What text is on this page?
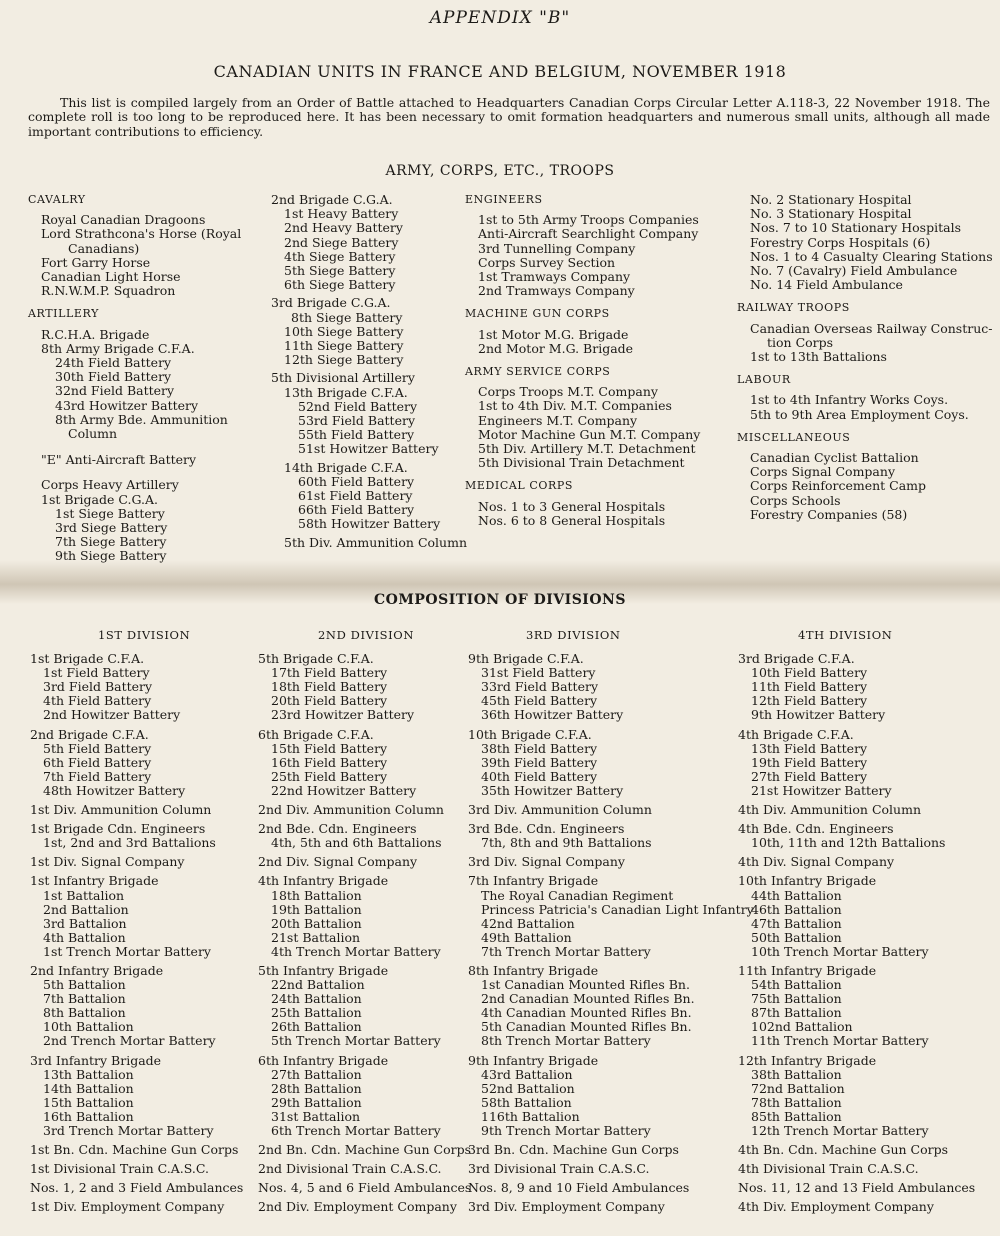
APPENDIX "B"
CANADIAN UNITS IN FRANCE AND BELGIUM, NOVEMBER 1918
This list is compiled largely from an Order of Battle attached to Headquarters Canadian Corps Circular Letter A.118-3, 22 November 1918. The complete roll is too long to be reproduced here. It has been necessary to omit formation headquarters and numerous small units, although all made important contributions to efficiency.
ARMY, CORPS, ETC., TROOPS
CAVALRY
Royal Canadian Dragoons
Lord Strathcona's Horse (Royal
Canadians)
Fort Garry Horse
Canadian Light Horse
R.N.W.M.P. Squadron
ARTILLERY
R.C.H.A. Brigade
8th Army Brigade C.F.A.
24th Field Battery
30th Field Battery
32nd Field Battery
43rd Howitzer Battery
8th Army Bde. Ammunition
Column
"E" Anti-Aircraft Battery
Corps Heavy Artillery
1st Brigade C.G.A.
1st Siege Battery
3rd Siege Battery
7th Siege Battery
9th Siege Battery
2nd Brigade C.G.A.
1st Heavy Battery
2nd Heavy Battery
2nd Siege Battery
4th Siege Battery
5th Siege Battery
6th Siege Battery
3rd Brigade C.G.A.
8th Siege Battery
10th Siege Battery
11th Siege Battery
12th Siege Battery
5th Divisional Artillery
13th Brigade C.F.A.
52nd Field Battery
53rd Field Battery
55th Field Battery
51st Howitzer Battery
14th Brigade C.F.A.
60th Field Battery
61st Field Battery
66th Field Battery
58th Howitzer Battery
5th Div. Ammunition Column
ENGINEERS
1st to 5th Army Troops Companies
Anti-Aircraft Searchlight Company
3rd Tunnelling Company
Corps Survey Section
1st Tramways Company
2nd Tramways Company
MACHINE GUN CORPS
1st Motor M.G. Brigade
2nd Motor M.G. Brigade
ARMY SERVICE CORPS
Corps Troops M.T. Company
1st to 4th Div. M.T. Companies
Engineers M.T. Company
Motor Machine Gun M.T. Company
5th Div. Artillery M.T. Detachment
5th Divisional Train Detachment
MEDICAL CORPS
Nos. 1 to 3 General Hospitals
Nos. 6 to 8 General Hospitals
No. 2 Stationary Hospital
No. 3 Stationary Hospital
Nos. 7 to 10 Stationary Hospitals
Forestry Corps Hospitals (6)
Nos. 1 to 4 Casualty Clearing Stations
No. 7 (Cavalry) Field Ambulance
No. 14 Field Ambulance
RAILWAY TROOPS
Canadian Overseas Railway Construc-
tion Corps
1st to 13th Battalions
LABOUR
1st to 4th Infantry Works Coys.
5th to 9th Area Employment Coys.
MISCELLANEOUS
Canadian Cyclist Battalion
Corps Signal Company
Corps Reinforcement Camp
Corps Schools
Forestry Companies (58)
COMPOSITION OF DIVISIONS
1ST DIVISION
1st Brigade C.F.A.
1st Field Battery
3rd Field Battery
4th Field Battery
2nd Howitzer Battery
2nd Brigade C.F.A.
5th Field Battery
6th Field Battery
7th Field Battery
48th Howitzer Battery
1st Div. Ammunition Column
1st Brigade Cdn. Engineers
1st, 2nd and 3rd Battalions
1st Div. Signal Company
1st Infantry Brigade
1st Battalion
2nd Battalion
3rd Battalion
4th Battalion
1st Trench Mortar Battery
2nd Infantry Brigade
5th Battalion
7th Battalion
8th Battalion
10th Battalion
2nd Trench Mortar Battery
3rd Infantry Brigade
13th Battalion
14th Battalion
15th Battalion
16th Battalion
3rd Trench Mortar Battery
1st Bn. Cdn. Machine Gun Corps
1st Divisional Train C.A.S.C.
Nos. 1, 2 and 3 Field Ambulances
1st Div. Employment Company
2ND DIVISION
5th Brigade C.F.A.
17th Field Battery
18th Field Battery
20th Field Battery
23rd Howitzer Battery
6th Brigade C.F.A.
15th Field Battery
16th Field Battery
25th Field Battery
22nd Howitzer Battery
2nd Div. Ammunition Column
2nd Bde. Cdn. Engineers
4th, 5th and 6th Battalions
2nd Div. Signal Company
4th Infantry Brigade
18th Battalion
19th Battalion
20th Battalion
21st Battalion
4th Trench Mortar Battery
5th Infantry Brigade
22nd Battalion
24th Battalion
25th Battalion
26th Battalion
5th Trench Mortar Battery
6th Infantry Brigade
27th Battalion
28th Battalion
29th Battalion
31st Battalion
6th Trench Mortar Battery
2nd Bn. Cdn. Machine Gun Corps
2nd Divisional Train C.A.S.C.
Nos. 4, 5 and 6 Field Ambulances
2nd Div. Employment Company
3RD DIVISION
9th Brigade C.F.A.
31st Field Battery
33rd Field Battery
45th Field Battery
36th Howitzer Battery
10th Brigade C.F.A.
38th Field Battery
39th Field Battery
40th Field Battery
35th Howitzer Battery
3rd Div. Ammunition Column
3rd Bde. Cdn. Engineers
7th, 8th and 9th Battalions
3rd Div. Signal Company
7th Infantry Brigade
The Royal Canadian Regiment
Princess Patricia's Canadian Light Infantry
42nd Battalion
49th Battalion
7th Trench Mortar Battery
8th Infantry Brigade
1st Canadian Mounted Rifles Bn.
2nd Canadian Mounted Rifles Bn.
4th Canadian Mounted Rifles Bn.
5th Canadian Mounted Rifles Bn.
8th Trench Mortar Battery
9th Infantry Brigade
43rd Battalion
52nd Battalion
58th Battalion
116th Battalion
9th Trench Mortar Battery
3rd Bn. Cdn. Machine Gun Corps
3rd Divisional Train C.A.S.C.
Nos. 8, 9 and 10 Field Ambulances
3rd Div. Employment Company
4TH DIVISION
3rd Brigade C.F.A.
10th Field Battery
11th Field Battery
12th Field Battery
9th Howitzer Battery
4th Brigade C.F.A.
13th Field Battery
19th Field Battery
27th Field Battery
21st Howitzer Battery
4th Div. Ammunition Column
4th Bde. Cdn. Engineers
10th, 11th and 12th Battalions
4th Div. Signal Company
10th Infantry Brigade
44th Battalion
46th Battalion
47th Battalion
50th Battalion
10th Trench Mortar Battery
11th Infantry Brigade
54th Battalion
75th Battalion
87th Battalion
102nd Battalion
11th Trench Mortar Battery
12th Infantry Brigade
38th Battalion
72nd Battalion
78th Battalion
85th Battalion
12th Trench Mortar Battery
4th Bn. Cdn. Machine Gun Corps
4th Divisional Train C.A.S.C.
Nos. 11, 12 and 13 Field Ambulances
4th Div. Employment Company
